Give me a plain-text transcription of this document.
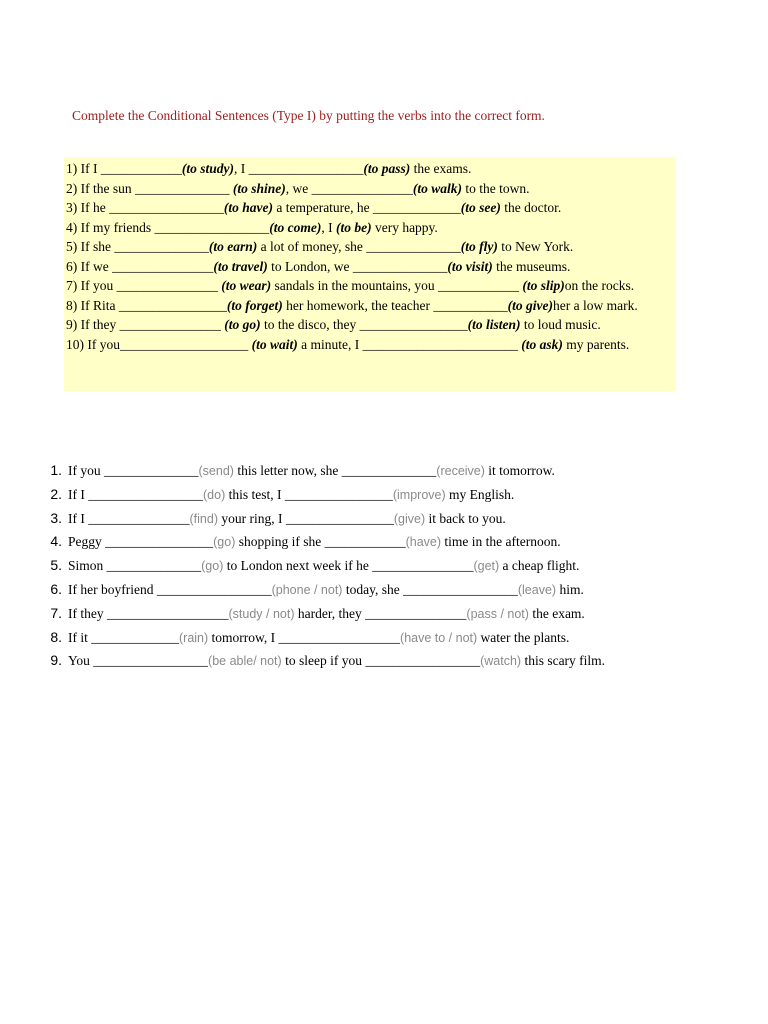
Complete the Conditional Sentences (Type I) by putting the verbs into the correct form.

1) If I ____________(to study), I _________________(to pass) the exams.

2) If the sun ______________ (to shine), we _______________(to walk) to the town.

3) If he _________________(to have) a temperature, he _____________(to see) the doctor.

4) If my friends _________________(to come), I (to be) very happy.

5) If she ______________(to earn) a lot of money, she ______________(to fly) to New York.

6) If we _______________(to travel) to London, we ______________(to visit) the museums.

7) If you _______________ (to wear) sandals in the mountains, you ____________ (to slip)on the rocks.

8) If Rita ________________(to forget) her homework, the teacher ___________(to give)her a low mark.

9) If they _______________ (to go) to the disco, they ________________(to listen) to loud music.

10) If you___________________ (to wait) a minute, I _______________________ (to ask) my parents.

1. If you ______________(send) this letter now, she ______________(receive) it tomorrow.
2. If I _________________(do) this test, I ________________(improve) my English.
3. If I _______________(find) your ring, I ________________(give) it back to you.
4. Peggy ________________(go) shopping if she ____________(have) time in the afternoon.
5. Simon ______________(go) to London next week if he _______________(get) a cheap flight.
6. If her boyfriend _________________(phone / not) today, she _________________(leave) him.
7. If they __________________(study / not) harder, they _______________(pass / not) the exam.
8. If it _____________(rain) tomorrow, I __________________(have to / not) water the plants.
9. You _________________(be able/ not) to sleep if you _________________(watch) this scary film.
